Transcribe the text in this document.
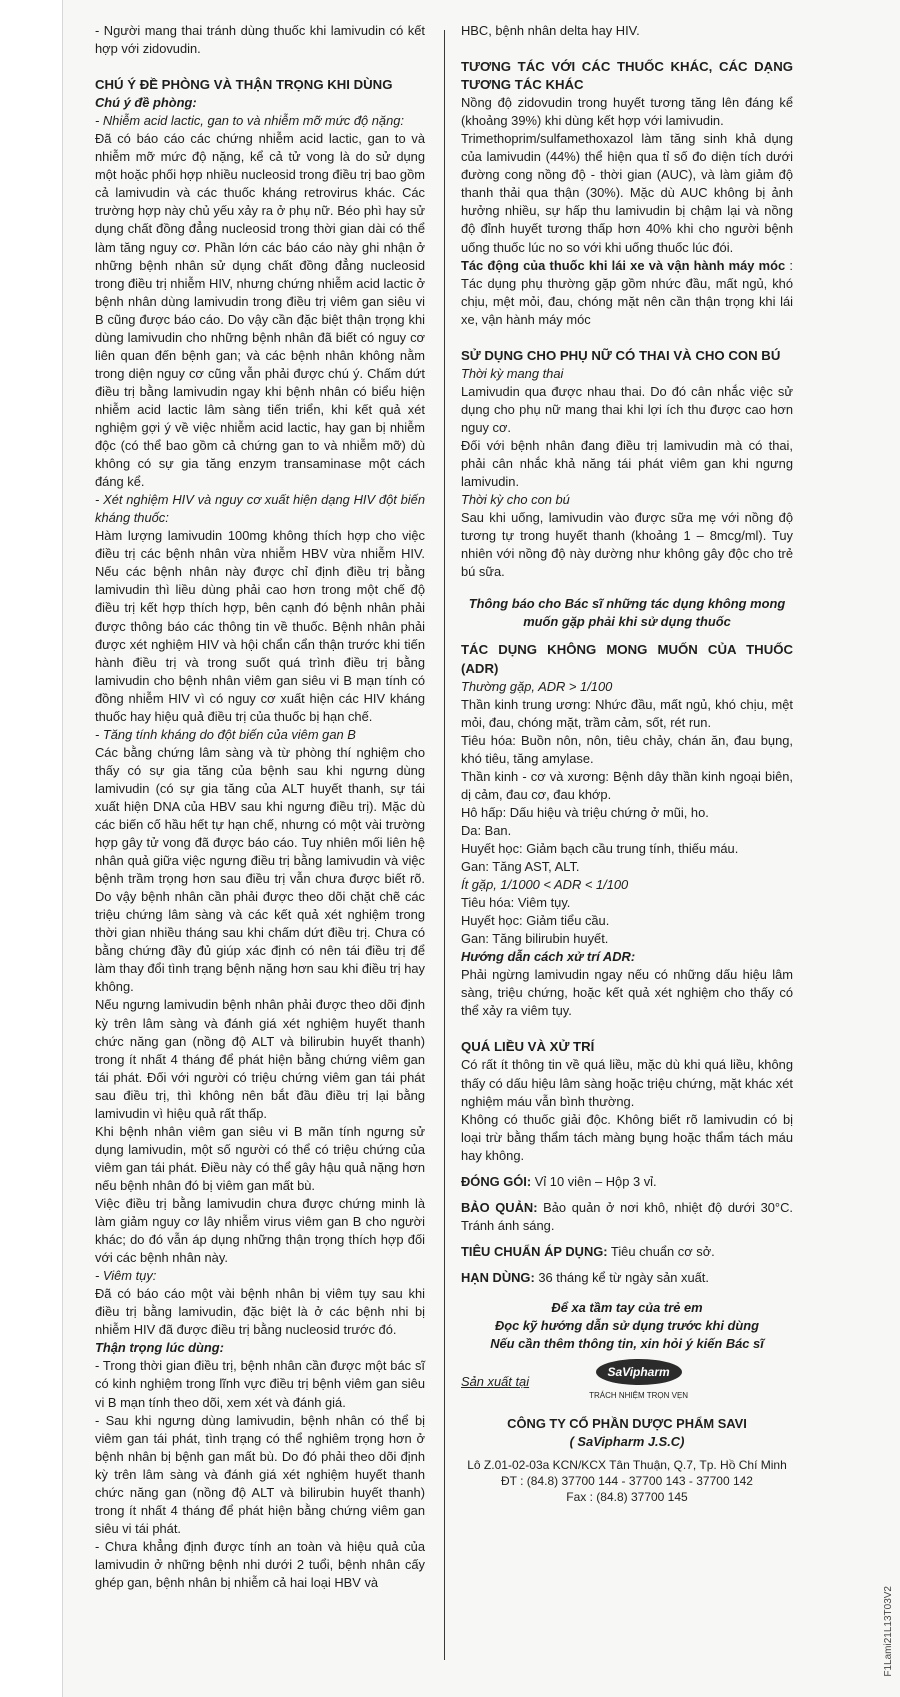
- Người mang thai tránh dùng thuốc khi lamivudin có kết hợp với zidovudin.

CHÚ Ý ĐỀ PHÒNG VÀ THẬN TRỌNG KHI DÙNG

Chú ý đề phòng:

- Nhiễm acid lactic, gan to và nhiễm mỡ mức độ nặng:

Đã có báo cáo các chứng nhiễm acid lactic, gan to và nhiễm mỡ mức độ nặng, kể cả tử vong là do sử dụng một hoặc phối hợp nhiều nucleosid trong điều trị bao gồm cả lamivudin và các thuốc kháng retrovirus khác. Các trường hợp này chủ yếu xảy ra ở phụ nữ. Béo phì hay sử dụng chất đồng đẳng nucleosid trong thời gian dài có thể làm tăng nguy cơ. Phần lớn các báo cáo này ghi nhận ở những bệnh nhân sử dụng chất đồng đẳng nucleosid trong điều trị nhiễm HIV, nhưng chứng nhiễm acid lactic ở bệnh nhân dùng lamivudin trong điều trị viêm gan siêu vi B cũng được báo cáo. Do vậy cần đặc biệt thận trọng khi dùng lamivudin cho những bệnh nhân đã biết có nguy cơ liên quan đến bệnh gan; và các bệnh nhân không nằm trong diện nguy cơ cũng vẫn phải được chú ý. Chấm dứt điều trị bằng lamivudin ngay khi bệnh nhân có biểu hiện nhiễm acid lactic lâm sàng tiến triển, khi kết quả xét nghiệm gợi ý về việc nhiễm acid lactic, hay gan bị nhiễm độc (có thể bao gồm cả chứng gan to và nhiễm mỡ) dù không có sự gia tăng enzym transaminase một cách đáng kể.

- Xét nghiệm HIV và nguy cơ xuất hiện dạng HIV đột biến kháng thuốc:

Hàm lượng lamivudin 100mg không thích hợp cho việc điều trị các bệnh nhân vừa nhiễm HBV vừa nhiễm HIV. Nếu các bệnh nhân này được chỉ định điều trị bằng lamivudin thì liều dùng phải cao hơn trong một chế độ điều trị kết hợp thích hợp, bên cạnh đó bệnh nhân phải được thông báo các thông tin về thuốc. Bệnh nhân phải được xét nghiệm HIV và hội chẩn cẩn thận trước khi tiến hành điều trị và trong suốt quá trình điều trị bằng lamivudin cho bệnh nhân viêm gan siêu vi B mạn tính có đồng nhiễm HIV vì có nguy cơ xuất hiện các HIV kháng thuốc hay hiệu quả điều trị của thuốc bị hạn chế.

- Tăng tính kháng do đột biến của viêm gan B

Các bằng chứng lâm sàng và từ phòng thí nghiệm cho thấy có sự gia tăng của bệnh sau khi ngưng dùng lamivudin (có sự gia tăng của ALT huyết thanh, sự tái xuất hiện DNA của HBV sau khi ngưng điều trị). Mặc dù các biến cố hầu hết tự hạn chế, nhưng có một vài trường hợp gây tử vong đã được báo cáo. Tuy nhiên mối liên hệ nhân quả giữa việc ngưng điều trị bằng lamivudin và việc bệnh trầm trọng hơn sau điều trị vẫn chưa được biết rõ. Do vậy bệnh nhân cần phải được theo dõi chặt chẽ các triệu chứng lâm sàng và các kết quả xét nghiệm trong thời gian nhiều tháng sau khi chấm dứt điều trị. Chưa có bằng chứng đầy đủ giúp xác định có nên tái điều trị để làm thay đổi tình trạng bệnh nặng hơn sau khi điều trị hay không.

Nếu ngưng lamivudin bệnh nhân phải được theo dõi định kỳ trên lâm sàng và đánh giá xét nghiệm huyết thanh chức năng gan (nồng độ ALT và bilirubin huyết thanh) trong ít nhất 4 tháng để phát hiện bằng chứng viêm gan tái phát. Đối với người có triệu chứng viêm gan tái phát sau điều trị, thì không nên bắt đầu điều trị lại bằng lamivudin vì hiệu quả rất thấp.

Khi bệnh nhân viêm gan siêu vi B mãn tính ngưng sử dụng lamivudin, một số người có thể có triệu chứng của viêm gan tái phát. Điều này có thể gây hậu quả nặng hơn nếu bệnh nhân đó bị viêm gan mất bù.

Việc điều trị bằng lamivudin chưa được chứng minh là làm giảm nguy cơ lây nhiễm virus viêm gan B cho người khác; do đó vẫn áp dụng những thận trọng thích hợp đối với các bệnh nhân này.

- Viêm tụy:

Đã có báo cáo một vài bệnh nhân bị viêm tụy sau khi điều trị bằng lamivudin, đặc biệt là ở các bệnh nhi bị nhiễm HIV đã được điều trị bằng nucleosid trước đó.

Thận trọng lúc dùng:

- Trong thời gian điều trị, bệnh nhân cần được một bác sĩ có kinh nghiệm trong lĩnh vực điều trị bệnh viêm gan siêu vi B mạn tính theo dõi, xem xét và đánh giá.

- Sau khi ngưng dùng lamivudin, bệnh nhân có thể bị viêm gan tái phát, tình trạng có thể nghiêm trọng hơn ở bệnh nhân bị bệnh gan mất bù. Do đó phải theo dõi định kỳ trên lâm sàng và đánh giá xét nghiệm huyết thanh chức năng gan (nồng độ ALT và bilirubin huyết thanh) trong ít nhất 4 tháng để phát hiện bằng chứng viêm gan siêu vi tái phát.

- Chưa khẳng định được tính an toàn và hiệu quả của lamivudin ở những bệnh nhi dưới 2 tuổi, bệnh nhân cấy ghép gan, bệnh nhân bị nhiễm cả hai loại HBV và

HBC, bệnh nhân delta hay HIV.

TƯƠNG TÁC VỚI CÁC THUỐC KHÁC, CÁC DẠNG TƯƠNG TÁC KHÁC

Nồng độ zidovudin trong huyết tương tăng lên đáng kể (khoảng 39%) khi dùng kết hợp với lamivudin.

Trimethoprim/sulfamethoxazol làm tăng sinh khả dụng của lamivudin (44%) thể hiện qua tỉ số đo diện tích dưới đường cong nồng độ - thời gian (AUC), và làm giảm độ thanh thải qua thận (30%). Mặc dù AUC không bị ảnh hưởng nhiều, sự hấp thu lamivudin bị chậm lại và nồng độ đỉnh huyết tương thấp hơn 40% khi cho người bệnh uống thuốc lúc no so với khi uống thuốc lúc đói.

Tác động của thuốc khi lái xe và vận hành máy móc : Tác dụng phụ thường gặp gồm nhức đầu, mất ngủ, khó chịu, mệt mỏi, đau, chóng mặt nên cần thận trọng khi lái xe, vận hành máy móc

SỬ DỤNG CHO PHỤ NỮ CÓ THAI VÀ CHO CON BÚ

Thời kỳ mang thai

Lamivudin qua được nhau thai. Do đó cân nhắc việc sử dụng cho phụ nữ mang thai khi lợi ích thu được cao hơn nguy cơ.

Đối với bệnh nhân đang điều trị lamivudin mà có thai, phải cân nhắc khả năng tái phát viêm gan khi ngưng lamivudin.

Thời kỳ cho con bú

Sau khi uống, lamivudin vào được sữa mẹ với nồng độ tương tự trong huyết thanh (khoảng 1 – 8mcg/ml). Tuy nhiên với nồng độ này dường như không gây độc cho trẻ bú sữa.

Thông báo cho Bác sĩ những tác dụng không mong muốn gặp phải khi sử dụng thuốc

TÁC DỤNG KHÔNG MONG MUỐN CỦA THUỐC (ADR)

Thường gặp, ADR > 1/100

Thần kinh trung ương: Nhức đầu, mất ngủ, khó chịu, mệt mỏi, đau, chóng mặt, trầm cảm, sốt, rét run.

Tiêu hóa: Buồn nôn, nôn, tiêu chảy, chán ăn, đau bụng, khó tiêu, tăng amylase.

Thần kinh - cơ và xương: Bệnh dây thần kinh ngoại biên, dị cảm, đau cơ, đau khớp.

Hô hấp: Dấu hiệu và triệu chứng ở mũi, ho.

Da: Ban.

Huyết học: Giảm bạch cầu trung tính, thiếu máu.

Gan: Tăng AST, ALT.

Ít gặp, 1/1000 < ADR < 1/100

Tiêu hóa: Viêm tụy.

Huyết học: Giảm tiểu cầu.

Gan: Tăng bilirubin huyết.

Hướng dẫn cách xử trí ADR:

Phải ngừng lamivudin ngay nếu có những dấu hiệu lâm sàng, triệu chứng, hoặc kết quả xét nghiệm cho thấy có thể xảy ra viêm tụy.

QUÁ LIỀU VÀ XỬ TRÍ

Có rất ít thông tin về quá liều, mặc dù khi quá liều, không thấy có dấu hiệu lâm sàng hoặc triệu chứng, mặt khác xét nghiệm máu vẫn bình thường.

Không có thuốc giải độc. Không biết rõ lamivudin có bị loại trừ bằng thẩm tách màng bụng hoặc thẩm tách máu hay không.

ĐÓNG GÓI: Vỉ 10 viên – Hộp 3 vỉ.

BẢO QUẢN: Bảo quản ở nơi khô, nhiệt độ dưới 30°C. Tránh ánh sáng.

TIÊU CHUẨN ÁP DỤNG: Tiêu chuẩn cơ sở.

HẠN DÙNG: 36 tháng kể từ ngày sản xuất.

Để xa tầm tay của trẻ em

Đọc kỹ hướng dẫn sử dụng trước khi dùng

Nếu cần thêm thông tin, xin hỏi ý kiến Bác sĩ

Sản xuất tại
SaVipharm
TRÁCH NHIỆM TRỌN VẸN

CÔNG TY CỔ PHẦN DƯỢC PHẨM SAVI

( SaVipharm J.S.C)

Lô Z.01-02-03a KCN/KCX Tân Thuận, Q.7, Tp. Hồ Chí Minh

ĐT : (84.8) 37700 144 - 37700 143 - 37700 142

Fax : (84.8) 37700 145

F1Lami21L13T03V2
